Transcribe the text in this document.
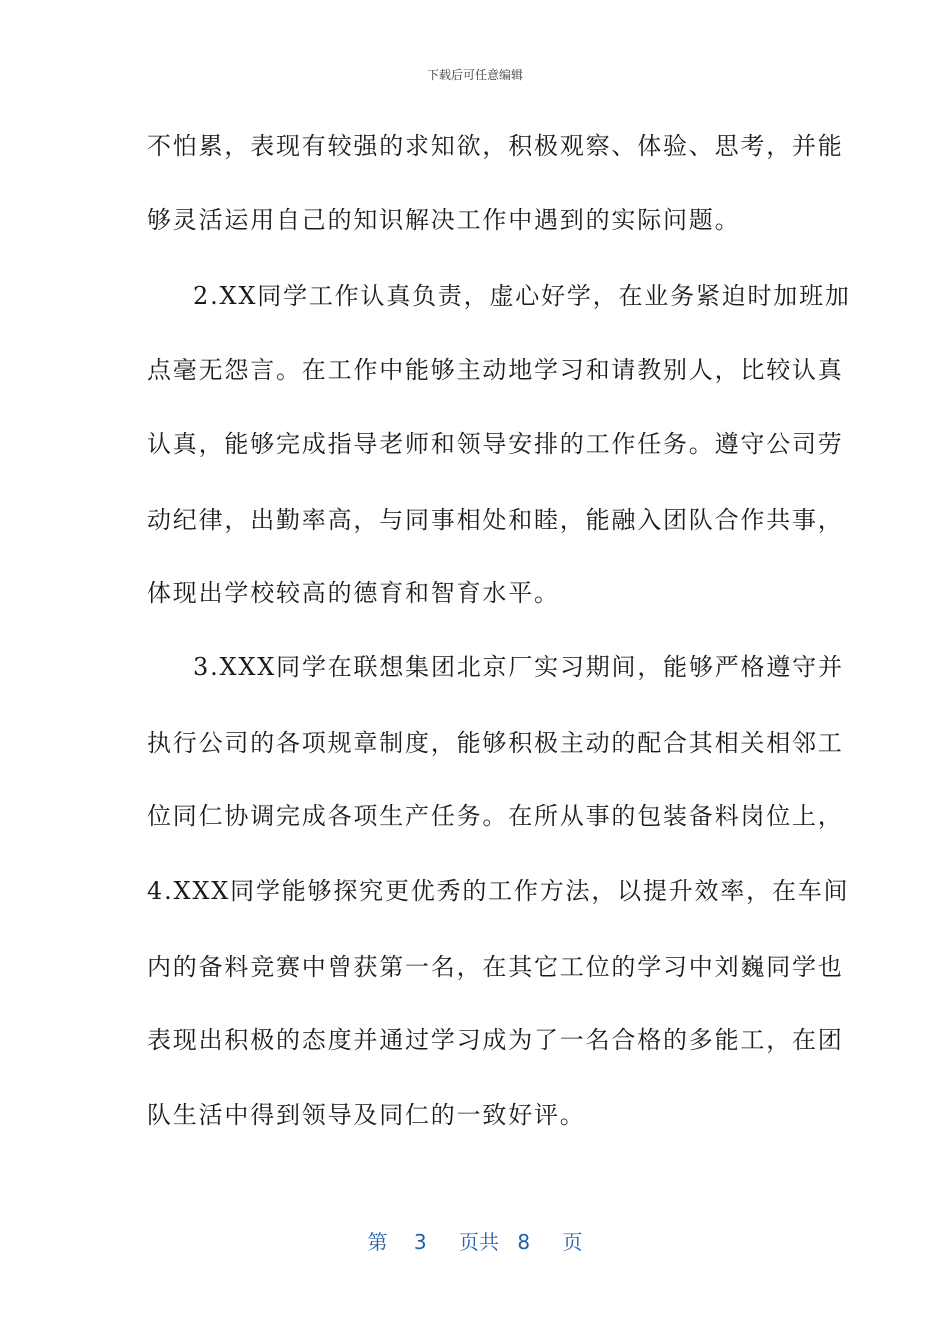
下载后可任意编辑
不怕累，表现有较强的求知欲，积极观察、体验、思考，并能
够灵活运用自己的知识解决工作中遇到的实际问题。
2.XX同学工作认真负责，虚心好学，在业务紧迫时加班加
点毫无怨言。在工作中能够主动地学习和请教别人，比较认真
认真，能够完成指导老师和领导安排的工作任务。遵守公司劳
动纪律，出勤率高，与同事相处和睦，能融入团队合作共事，
体现出学校较高的德育和智育水平。
3.XXX同学在联想集团北京厂实习期间，能够严格遵守并
执行公司的各项规章制度，能够积极主动的配合其相关相邻工
位同仁协调完成各项生产任务。在所从事的包装备料岗位上，
4.XXX同学能够探究更优秀的工作方法，以提升效率，在车间
内的备料竞赛中曾获第一名，在其它工位的学习中刘巍同学也
表现出积极的态度并通过学习成为了一名合格的多能工，在团
队生活中得到领导及同仁的一致好评。
第 3 页共 8 页
